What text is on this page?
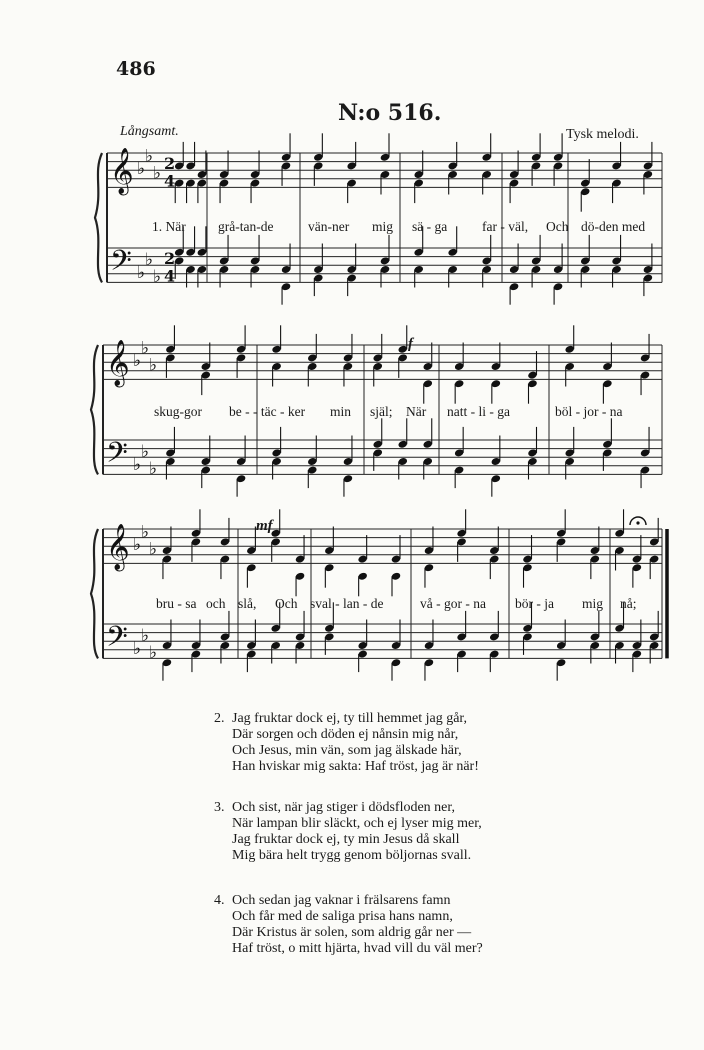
486
N:o 516.
Långsamt.	Tysk melodi.
𝄞
𝄢
♭
♭
♭
♭
♭
♭
2
4
2
4
1. När grå-tan-de	vän-ner mig sä - ga	far - väl, Och dö-den med
𝄞
𝄢
♭
♭
♭
♭
♭
♭
f
skug-gor be - - täc - ker min själ; När natt - li - ga	böl - jor - na
𝄞
𝄢
♭
♭
♭
♭
♭
♭
mf
bru - sa och slå, Och sval - lan - de	vå - gor - na bör - ja mig nå;
2. Jag fruktar dock ej, ty till hemmet jag går,
Där sorgen och döden ej nånsin mig når,
Och Jesus, min vän, som jag älskade här,
Han hviskar mig sakta: Haf tröst, jag är när!
3. Och sist, när jag stiger i dödsfloden ner,
När lampan blir släckt, och ej lyser mig mer,
Jag fruktar dock ej, ty min Jesus då skall
Mig bära helt trygg genom böljornas svall.
4. Och sedan jag vaknar i frälsarens famn
Och får med de saliga prisa hans namn,
Där Kristus är solen, som aldrig går ner —
Haf tröst, o mitt hjärta, hvad vill du väl mer?
